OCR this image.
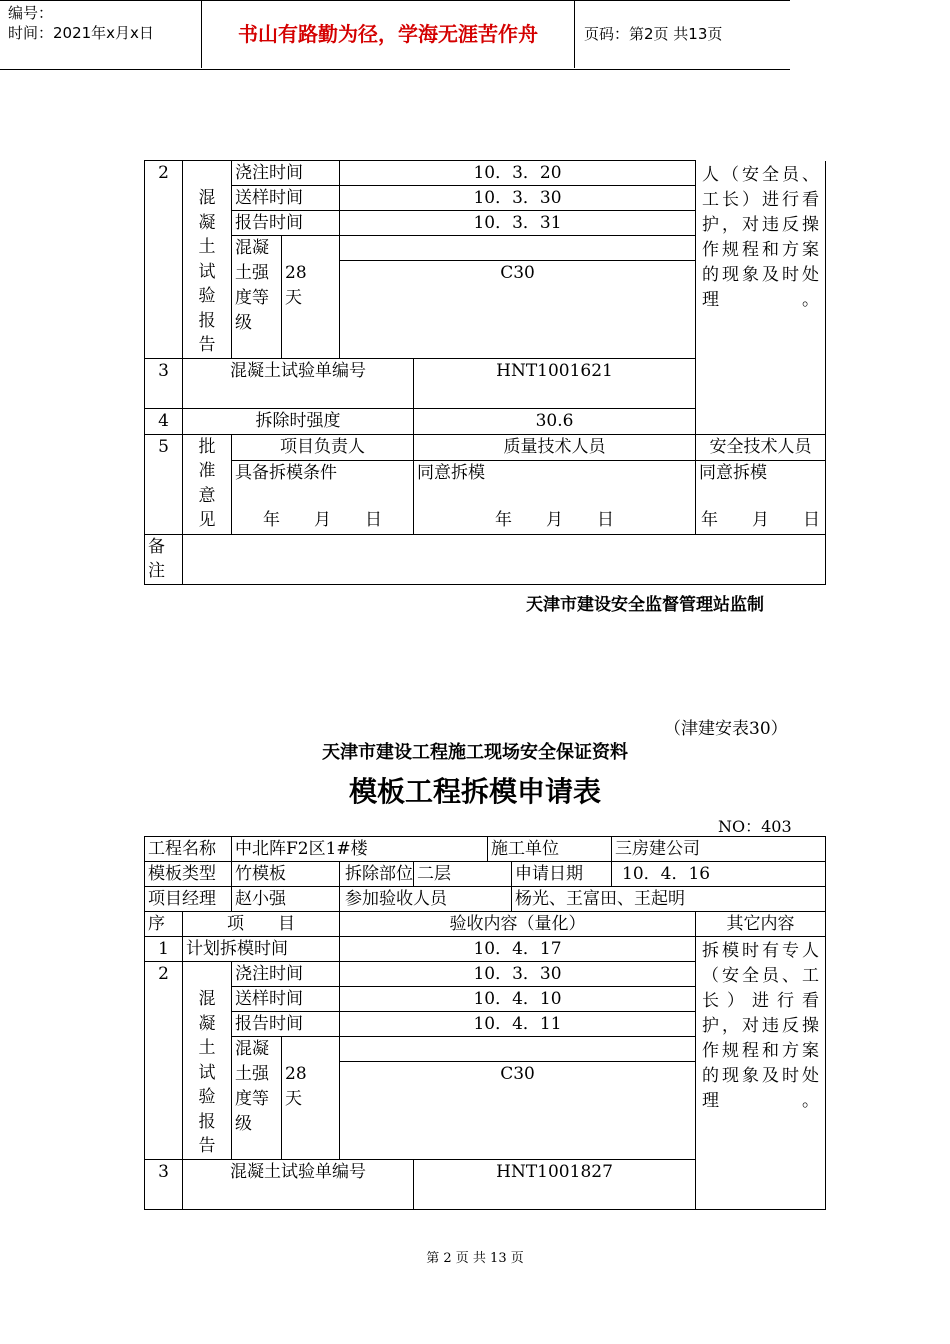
编号：
时间：2021年x月x日	书山有路勤为径，学海无涯苦作舟	页码：第2页 共13页
2	混凝土试验报告	浇注时间		10．3．20		人（安全员、工长）进行看护，对违反操作规程和方案的现象及时处理。
		送样时间		10．3．30		
		报告时间		10．3．31		

		混凝土强度等级	28天			

				C30		

3	混凝土试验单编号				HNT1001621	
4	拆除时强度				30.6	
5	批准意见	项目负责人			质量技术人员	安全技术人员
		具备拆模条件			同意拆模	同意拆模
		年　　月　　日			年　　月　　日	年　　月　　日

备注						

天津市建设安全监督管理站监制
（津建安表30）
天津市建设工程施工现场安全保证资料
模板工程拆模申请表
NO：403
工程名称		中北阵F2区1#楼				施工单位		三房建公司	
模板类型		竹模板		拆除部位	二层		申请日期	10．4．16	
项目经理		赵小强		参加验收人员			杨光、王富田、王起明		
序	项　　目			验收内容（量化）					其它内容
1	计划拆模时间			10．4．17					拆模时有专人（安全员、工长）进行看护，对违反操作规程和方案的现象及时处理。
2	混凝土试验报告	浇注时间		10．3．30					
		送样时间		10．4．10					
		报告时间		10．4．11					

		混凝土强度等级	28天						

				C30					

3	混凝土试验单编号				HNT1001827				
第 2 页 共 13 页
